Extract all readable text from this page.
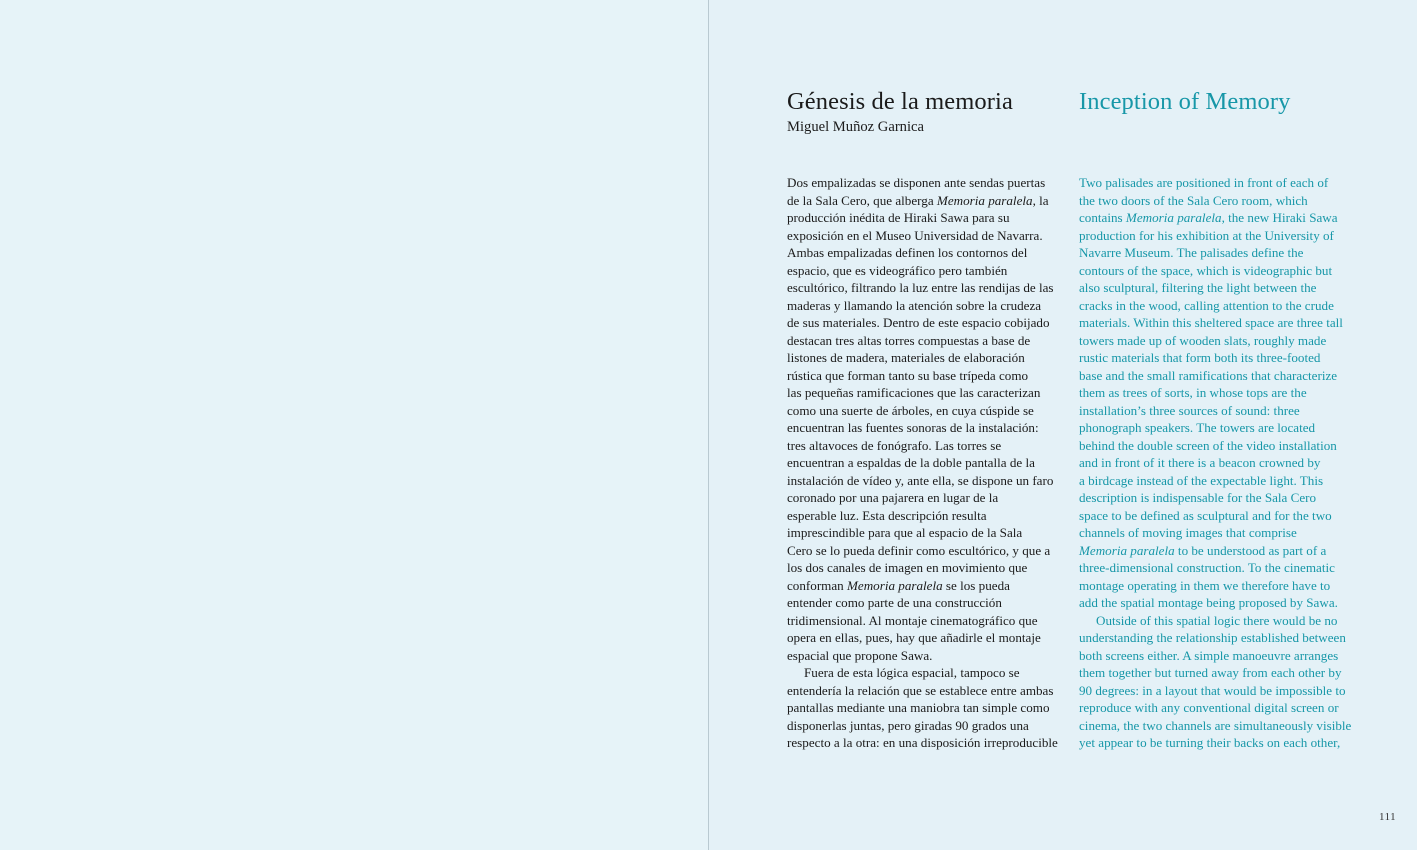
Génesis de la memoria

Miguel Muñoz Garnica

Inception of Memory
Dos empalizadas se disponen ante sendas puertas
de la Sala Cero, que alberga Memoria paralela, la
producción inédita de Hiraki Sawa para su
exposición en el Museo Universidad de Navarra.
Ambas empalizadas definen los contornos del
espacio, que es videográfico pero también
escultórico, filtrando la luz entre las rendijas de las
maderas y llamando la atención sobre la crudeza
de sus materiales. Dentro de este espacio cobijado
destacan tres altas torres compuestas a base de
listones de madera, materiales de elaboración
rústica que forman tanto su base trípeda como
las pequeñas ramificaciones que las caracterizan
como una suerte de árboles, en cuya cúspide se
encuentran las fuentes sonoras de la instalación:
tres altavoces de fonógrafo. Las torres se
encuentran a espaldas de la doble pantalla de la
instalación de vídeo y, ante ella, se dispone un faro
coronado por una pajarera en lugar de la
esperable luz. Esta descripción resulta
imprescindible para que al espacio de la Sala
Cero se lo pueda definir como escultórico, y que a
los dos canales de imagen en movimiento que
conforman Memoria paralela se los pueda
entender como parte de una construcción
tridimensional. Al montaje cinematográfico que
opera en ellas, pues, hay que añadirle el montaje
espacial que propone Sawa.
Fuera de esta lógica espacial, tampoco se
entendería la relación que se establece entre ambas
pantallas mediante una maniobra tan simple como
disponerlas juntas, pero giradas 90 grados una
respecto a la otra: en una disposición irreproducible
Two palisades are positioned in front of each of
the two doors of the Sala Cero room, which
contains Memoria paralela, the new Hiraki Sawa
production for his exhibition at the University of
Navarre Museum. The palisades define the
contours of the space, which is videographic but
also sculptural, filtering the light between the
cracks in the wood, calling attention to the crude
materials. Within this sheltered space are three tall
towers made up of wooden slats, roughly made
rustic materials that form both its three-footed
base and the small ramifications that characterize
them as trees of sorts, in whose tops are the
installation’s three sources of sound: three
phonograph speakers. The towers are located
behind the double screen of the video installation
and in front of it there is a beacon crowned by
a birdcage instead of the expectable light. This
description is indispensable for the Sala Cero
space to be defined as sculptural and for the two
channels of moving images that comprise
Memoria paralela to be understood as part of a
three-dimensional construction. To the cinematic
montage operating in them we therefore have to
add the spatial montage being proposed by Sawa.
Outside of this spatial logic there would be no
understanding the relationship established between
both screens either. A simple manoeuvre arranges
them together but turned away from each other by
90 degrees: in a layout that would be impossible to
reproduce with any conventional digital screen or
cinema, the two channels are simultaneously visible
yet appear to be turning their backs on each other,
111
